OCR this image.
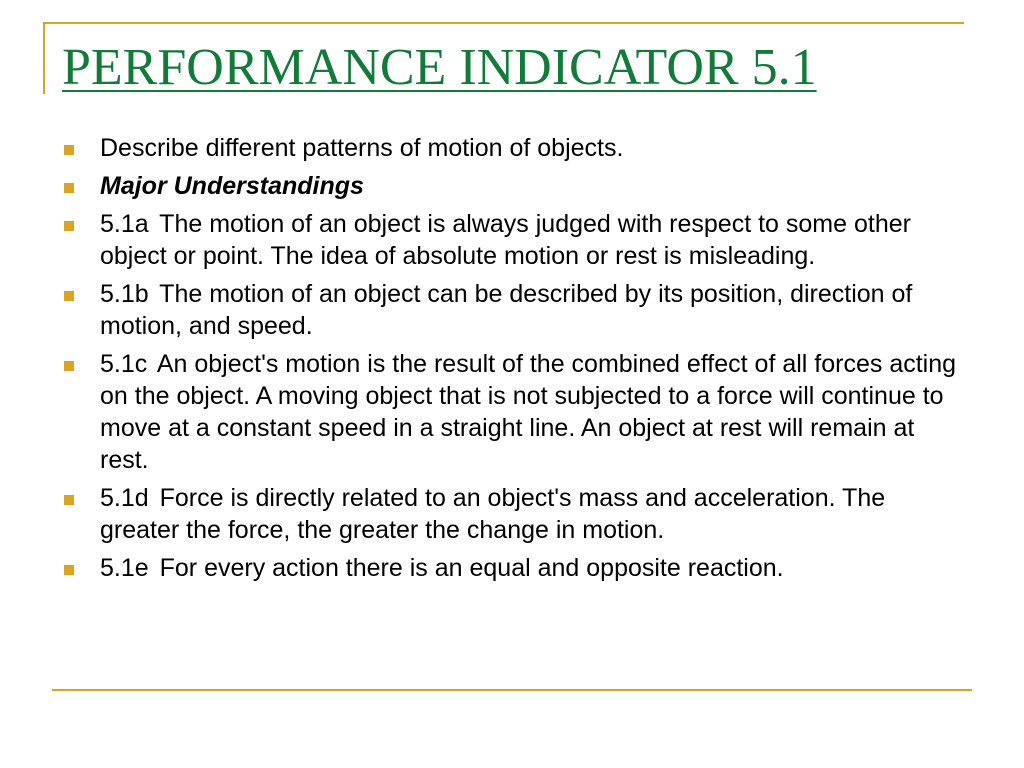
PERFORMANCE INDICATOR 5.1
Describe different patterns of motion of objects.
Major Understandings
5.1a The motion of an object is always judged with respect to some other object or point. The idea of absolute motion or rest is misleading.
5.1b The motion of an object can be described by its position, direction of motion, and speed.
5.1c An object's motion is the result of the combined effect of all forces acting on the object. A moving object that is not subjected to a force will continue to move at a constant speed in a straight line. An object at rest will remain at rest.
5.1d Force is directly related to an object's mass and acceleration. The greater the force, the greater the change in motion.
5.1e For every action there is an equal and opposite reaction.
